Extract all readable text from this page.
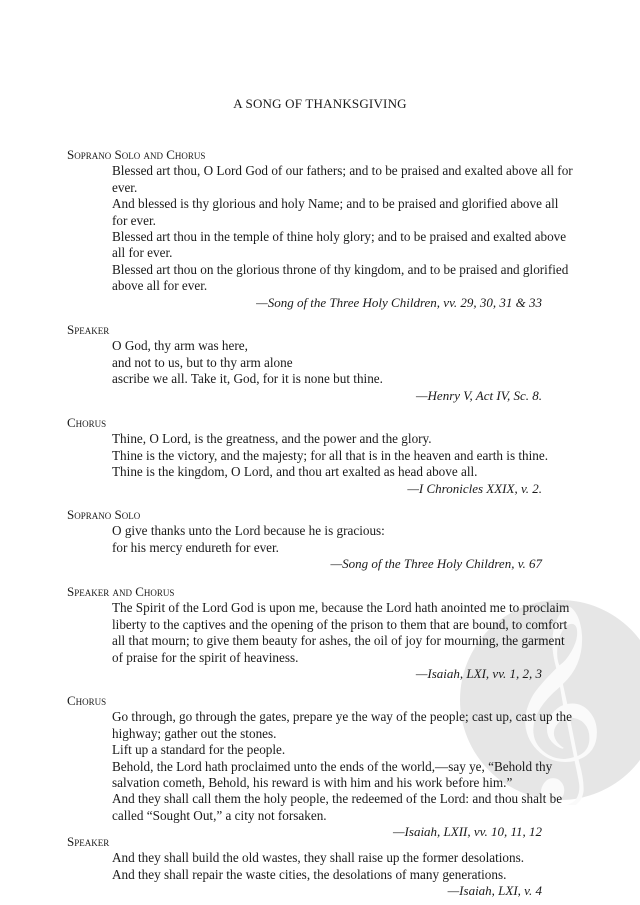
𝄞
A SONG OF THANKSGIVING
Soprano Solo and Chorus
Blessed art thou, O Lord God of our fathers; and to be praised and exalted above all for
ever.
And blessed is thy glorious and holy Name; and to be praised and glorified above all
for ever.
Blessed art thou in the temple of thine holy glory; and to be praised and exalted above
all for ever.
Blessed art thou on the glorious throne of thy kingdom, and to be praised and glorified
above all for ever.
—Song of the Three Holy Children, vv. 29, 30, 31 & 33
Speaker
O God, thy arm was here,
and not to us, but to thy arm alone
ascribe we all. Take it, God, for it is none but thine.
—Henry V, Act IV, Sc. 8.
Chorus
Thine, O Lord, is the greatness, and the power and the glory.
Thine is the victory, and the majesty; for all that is in the heaven and earth is thine.
Thine is the kingdom, O Lord, and thou art exalted as head above all.
—I Chronicles XXIX, v. 2.
Soprano Solo
O give thanks unto the Lord because he is gracious:
for his mercy endureth for ever.
—Song of the Three Holy Children, v. 67
Speaker and Chorus
The Spirit of the Lord God is upon me, because the Lord hath anointed me to proclaim
liberty to the captives and the opening of the prison to them that are bound, to comfort
all that mourn; to give them beauty for ashes, the oil of joy for mourning, the garment
of praise for the spirit of heaviness.
—Isaiah, LXI, vv. 1, 2, 3
Chorus
Go through, go through the gates, prepare ye the way of the people; cast up, cast up the
highway; gather out the stones.
Lift up a standard for the people.
Behold, the Lord hath proclaimed unto the ends of the world,—say ye, “Behold thy
salvation cometh, Behold, his reward is with him and his work before him.”
And they shall call them the holy people, the redeemed of the Lord: and thou shalt be
called “Sought Out,” a city not forsaken.
—Isaiah, LXII, vv. 10, 11, 12
Speaker
And they shall build the old wastes, they shall raise up the former desolations.
And they shall repair the waste cities, the desolations of many generations.
—Isaiah, LXI, v. 4
